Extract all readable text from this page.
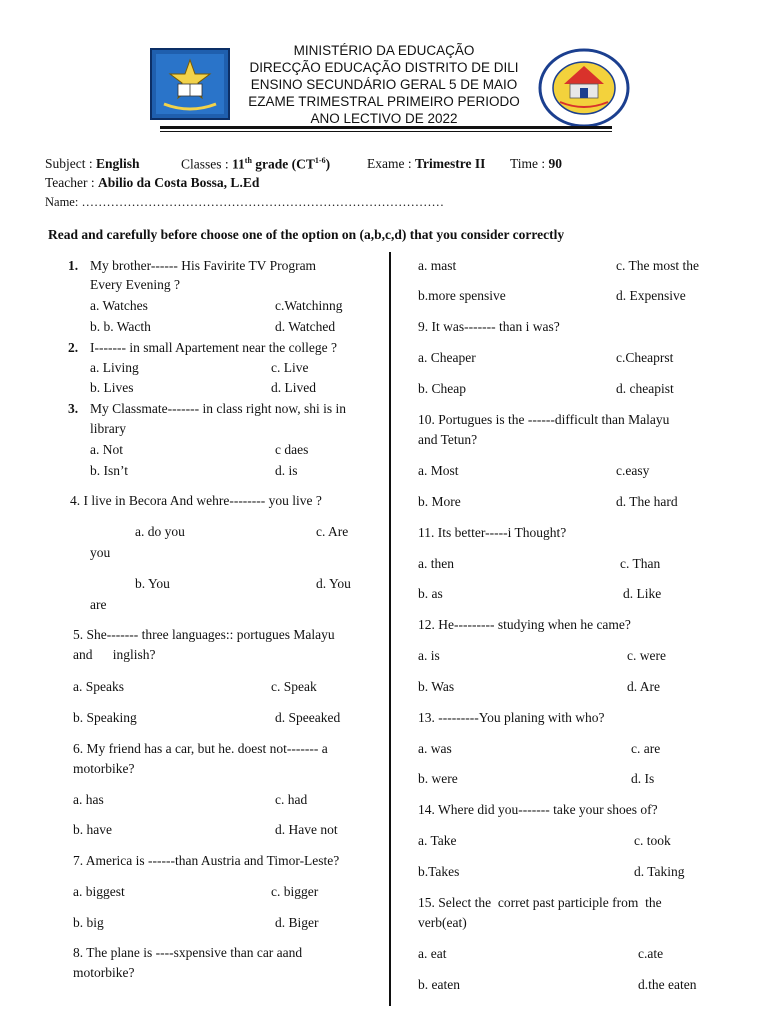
MINISTÉRIO DA EDUCAÇÃO
DIRECÇÃO EDUCAÇÃO DISTRITO DE DILI
ENSINO SECUNDÁRIO GERAL 5 DE MAIO
EZAME TRIMESTRAL PRIMEIRO PERIODO
ANO LECTIVO DE 2022
Subject : English	Classes : 11th grade (CT$^{1-6}$)	Exame : Trimestre II Time : 90
Teacher : Abilio da Costa Bossa, L.Ed
Name: ……………………………………………………………………………
Read and carefully before choose one of the option on (a,b,c,d) that you consider correctly
1. My brother------ His Favirite TV Program
Every Evening ?
a. Watches	c.Watchinng
b. b. Wacth	d. Watched
2. I------- in small Apartement near the college ?
a. Living	c. Live
b. Lives	d. Lived
3. My Classmate------- in class right now, shi is in
library
a. Not	c daes
b. Isn’t	d. is
4. I live in Becora And wehre-------- you live ?
a. do you	c. Are
you
b. You	d. You
are
5. She------- three languages:: portugues Malayu
and      inglish?
a. Speaks	c. Speak
b. Speaking	d. Speeaked
6. My friend has a car, but he. doest not------- a
motorbike?
a. has	c. had
b. have	d. Have not
7. America is ------than Austria and Timor-Leste?
a. biggest	c. bigger
b. big	d. Biger
8. The plane is ----sxpensive than car aand
motorbike?
a. mast	c. The most the
b.more spensive	d. Expensive
9. It was------- than i was?
a. Cheaper	c.Cheaprst
b. Cheap	d. cheapist
10. Portugues is the ------difficult than Malayu
and Tetun?
a. Most	c.easy
b. More	d. The hard
11. Its better-----i Thought?
a. then	c. Than
b. as	d. Like
12. He--------- studying when he came?
a. is	c. were
b. Was	d. Are
13. ---------You planing with who?
a. was	c. are
b. were	d. Is
14. Where did you------- take your shoes of?
a. Take	c. took
b.Takes	d. Taking
15. Select the  corret past participle from  the
verb(eat)
a. eat	c.ate
b. eaten	d.the eaten
